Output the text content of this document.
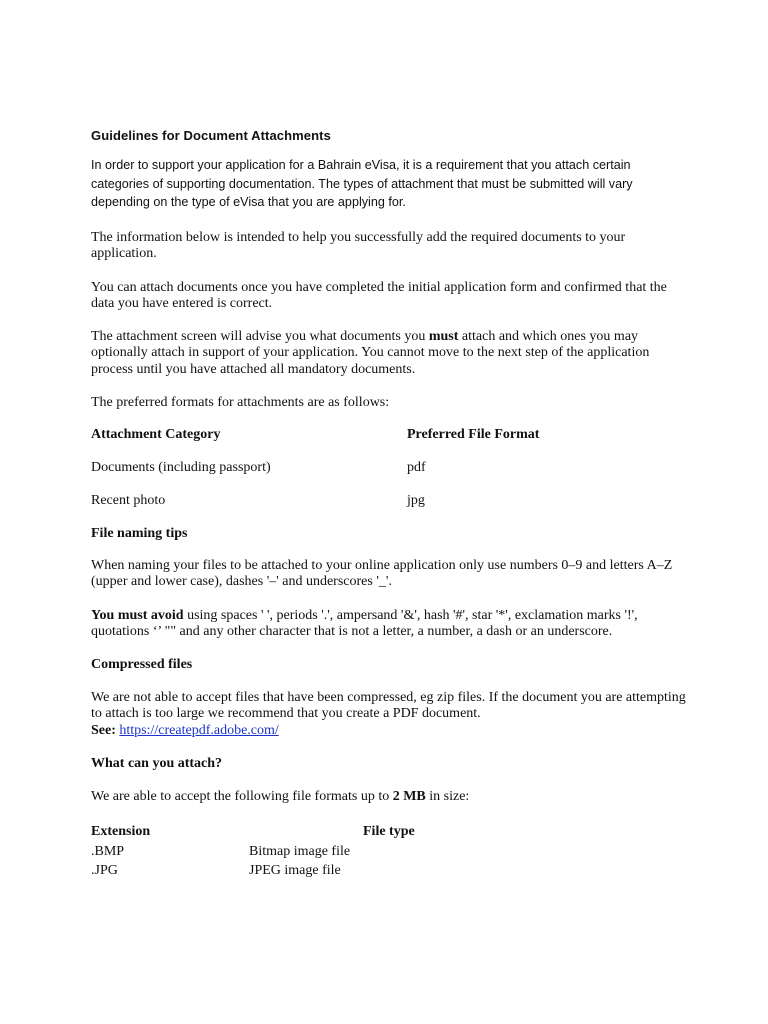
Guidelines for Document Attachments
In order to support your application for a Bahrain eVisa, it is a requirement that you attach certain categories of supporting documentation. The types of attachment that must be submitted will vary depending on the type of eVisa that you are applying for.
The information below is intended to help you successfully add the required documents to your application.
You can attach documents once you have completed the initial application form and confirmed that the data you have entered is correct.
The attachment screen will advise you what documents you must attach and which ones you may optionally attach in support of your application. You cannot move to the next step of the application process until you have attached all mandatory documents.
The preferred formats for attachments are as follows:
Attachment Category	Preferred File Format
Documents (including passport)	pdf
Recent photo	jpg
File naming tips
When naming your files to be attached to your online application only use numbers 0–9 and letters A–Z (upper and lower case), dashes '–' and underscores '_'.
You must avoid using spaces ' ', periods '.', ampersand '&', hash '#', star '*', exclamation marks '!', quotations ‘’ "" and any other character that is not a letter, a number, a dash or an underscore.
Compressed files
We are not able to accept files that have been compressed, eg zip files. If the document you are attempting to attach is too large we recommend that you create a PDF document.
See: https://createpdf.adobe.com/
What can you attach?
We are able to accept the following file formats up to 2 MB in size:
Extension	File type
.BMP	Bitmap image file
.JPG	JPEG image file
